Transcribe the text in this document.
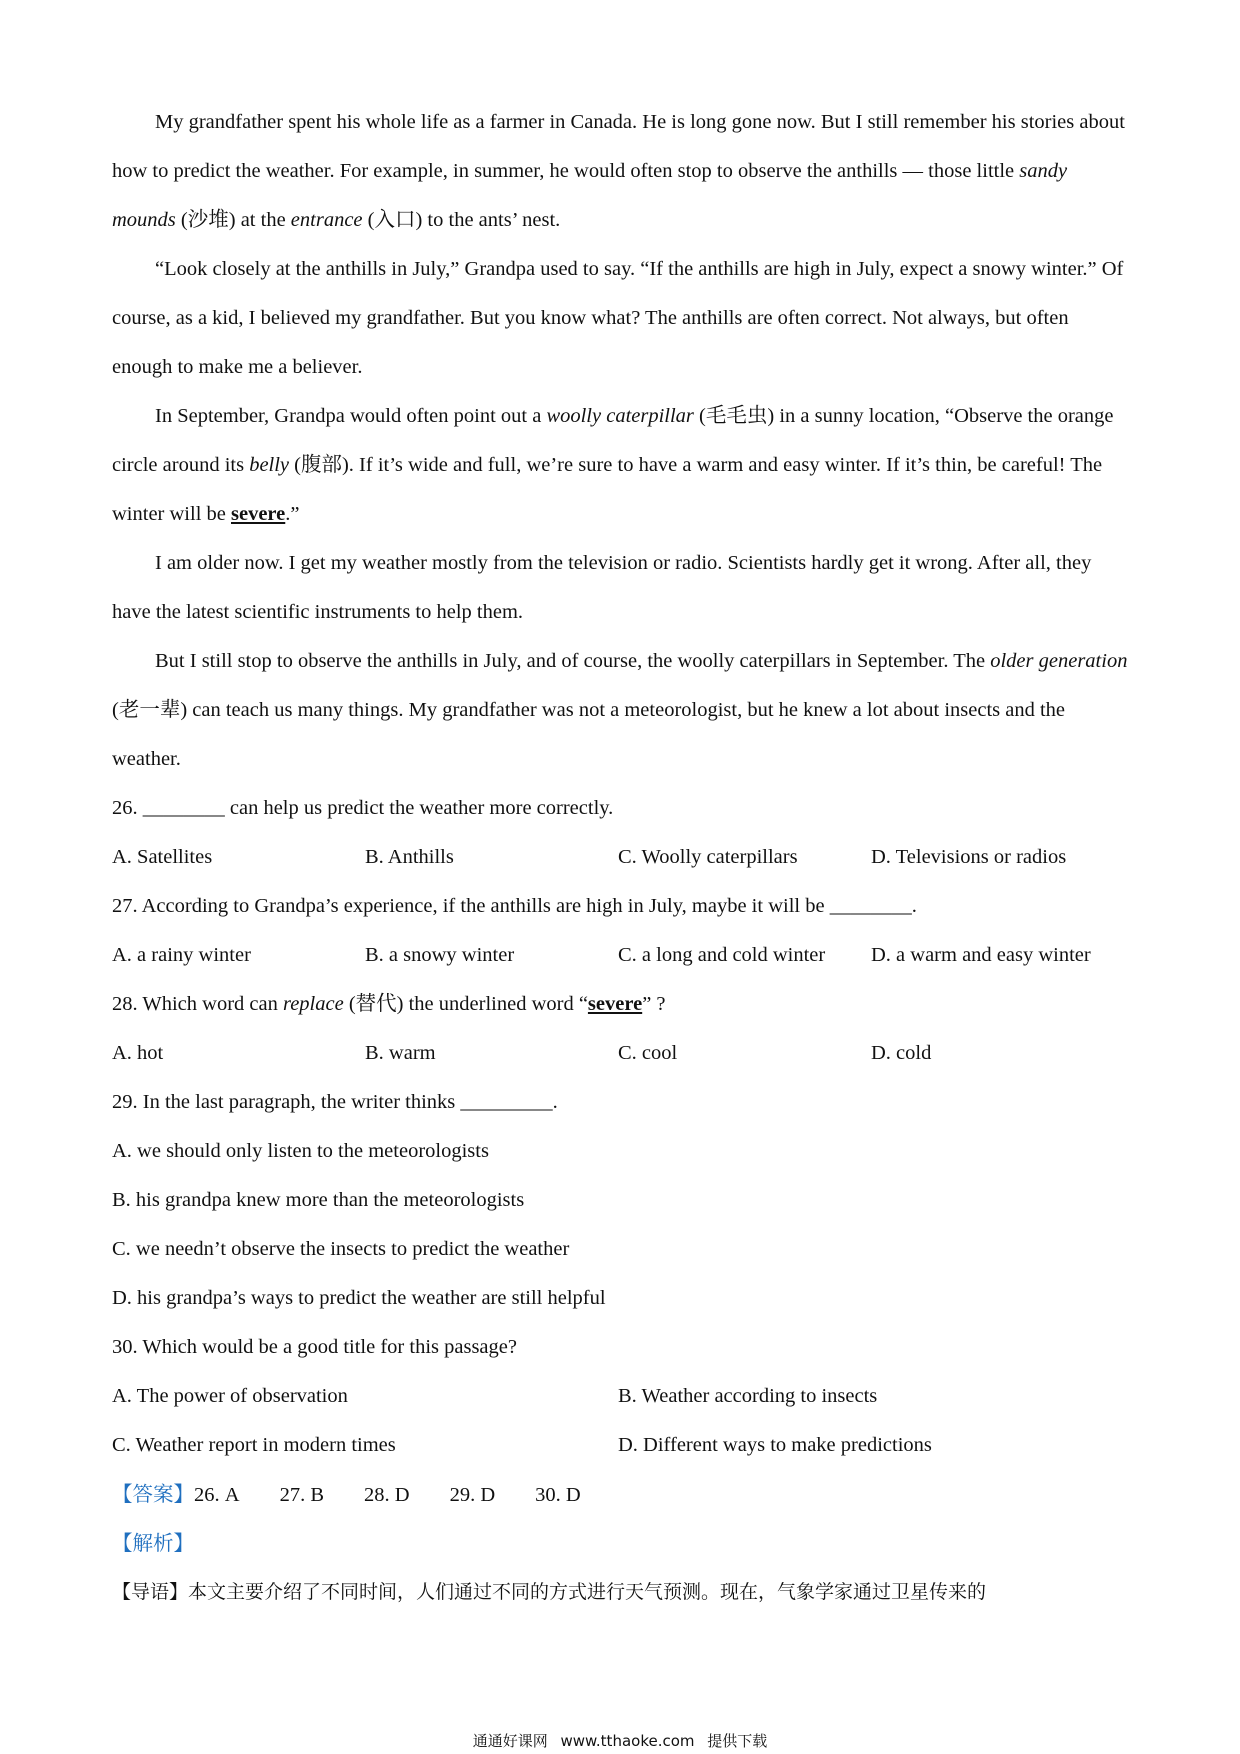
My grandfather spent his whole life as a farmer in Canada. He is long gone now. But I still remember his stories about how to predict the weather. For example, in summer, he would often stop to observe the anthills — those little sandy mounds (沙堆) at the entrance (入口) to the ants’ nest.

“Look closely at the anthills in July,” Grandpa used to say. “If the anthills are high in July, expect a snowy winter.” Of course, as a kid, I believed my grandfather. But you know what? The anthills are often correct. Not always, but often enough to make me a believer.

In September, Grandpa would often point out a woolly caterpillar (毛毛虫) in a sunny location, “Observe the orange circle around its belly (腹部). If it’s wide and full, we’re sure to have a warm and easy winter. If it’s thin, be careful! The winter will be severe.”

I am older now. I get my weather mostly from the television or radio. Scientists hardly get it wrong. After all, they have the latest scientific instruments to help them.

But I still stop to observe the anthills in July, and of course, the woolly caterpillars in September. The older generation (老一辈) can teach us many things. My grandfather was not a meteorologist, but he knew a lot about insects and the weather.

26. ________ can help us predict the weather more correctly.
A. Satellites	B. Anthills	C. Woolly caterpillars	D. Televisions or radios
27. According to Grandpa’s experience, if the anthills are high in July, maybe it will be ________.
A. a rainy winter	B. a snowy winter	C. a long and cold winter	D. a warm and easy winter
28. Which word can replace (替代) the underlined word “severe” ?
A. hot	B. warm	C. cool	D. cold
29. In the last paragraph, the writer thinks _________.
A. we should only listen to the meteorologists
B. his grandpa knew more than the meteorologists
C. we needn’t observe the insects to predict the weather
D. his grandpa’s ways to predict the weather are still helpful
30. Which would be a good title for this passage?
A. The power of observation	B. Weather according to insects
C. Weather report in modern times	D. Different ways to make predictions
【答案】26. A 27. B 28. D 29. D 30. D
【解析】
【导语】本文主要介绍了不同时间，人们通过不同的方式进行天气预测。现在，气象学家通过卫星传来的
通通好课网 www.tthaoke.com 提供下载
